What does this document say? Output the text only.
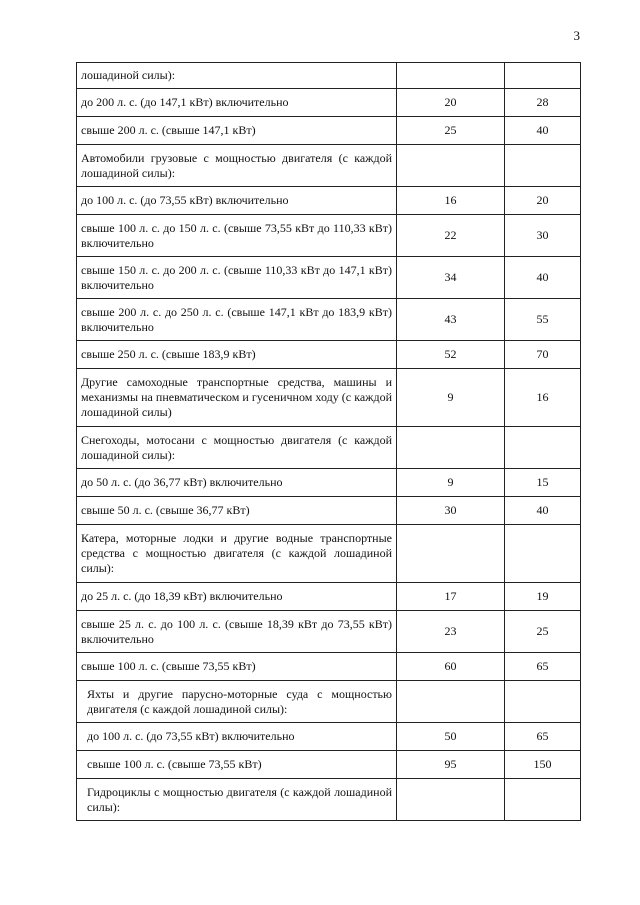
3
лошадиной силы):		
до 200 л. с. (до 147,1 кВт) включительно	20	28
свыше 200 л. с. (свыше 147,1 кВт)	25	40
Автомобили грузовые с мощностью двигателя (с каждой лошадиной силы):		
до 100 л. с. (до 73,55 кВт) включительно	16	20
свыше 100 л. с. до 150 л. с. (свыше 73,55 кВт до 110,33 кВт) включительно	22	30
свыше 150 л. с. до 200 л. с. (свыше 110,33 кВт до 147,1 кВт) включительно	34	40
свыше 200 л. с. до 250 л. с. (свыше 147,1 кВт до 183,9 кВт) включительно	43	55
свыше 250 л. с. (свыше 183,9 кВт)	52	70
Другие самоходные транспортные средства, машины и механизмы на пневматическом и гусеничном ходу (с каждой лошадиной силы)	9	16
Снегоходы, мотосани с мощностью двигателя (с каждой лошадиной силы):		
до 50 л. с. (до 36,77 кВт) включительно	9	15
свыше 50 л. с. (свыше 36,77 кВт)	30	40
Катера, моторные лодки и другие водные транспортные средства с мощностью двигателя (с каждой лошадиной силы):		
до 25 л. с. (до 18,39 кВт) включительно	17	19
свыше 25 л. с. до 100 л. с. (свыше 18,39 кВт до 73,55 кВт) включительно	23	25
свыше 100 л. с. (свыше 73,55 кВт)	60	65
Яхты и другие парусно-моторные суда с мощностью двигателя (с каждой лошадиной силы):		
до 100 л. с. (до 73,55 кВт) включительно	50	65
свыше 100 л. с. (свыше 73,55 кВт)	95	150
Гидроциклы с мощностью двигателя (с каждой лошадиной силы):		
